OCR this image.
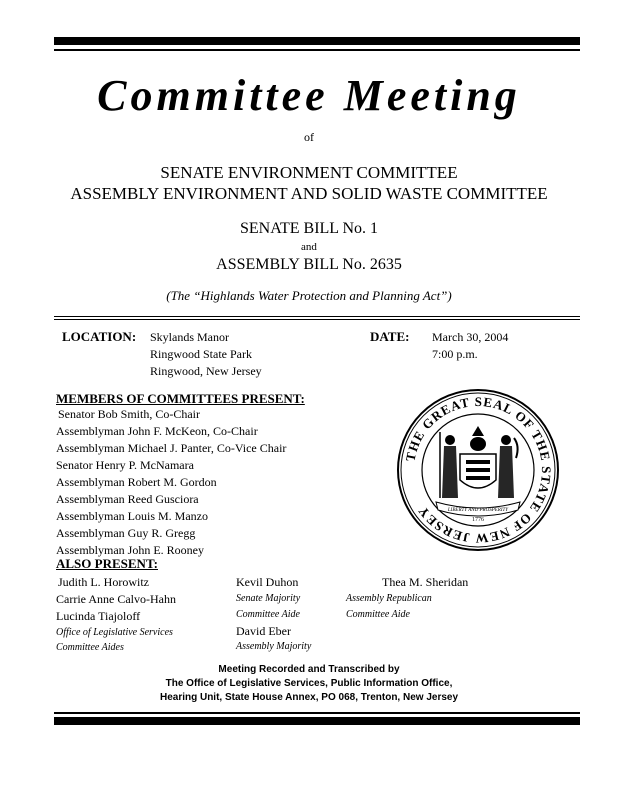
Committee Meeting
of
SENATE ENVIRONMENT COMMITTEE
ASSEMBLY ENVIRONMENT AND SOLID WASTE COMMITTEE
SENATE BILL No. 1
and
ASSEMBLY BILL No. 2635
(The “Highlands Water Protection and Planning Act”)
LOCATION: Skylands Manor
Ringwood State Park
Ringwood, New Jersey
DATE: March 30, 2004
7:00 p.m.
MEMBERS OF COMMITTEES PRESENT:
Senator Bob Smith, Co-Chair
Assemblyman John F. McKeon, Co-Chair
Assemblyman Michael J. Panter, Co-Vice Chair
Senator Henry P. McNamara
Assemblyman Robert M. Gordon
Assemblyman Reed Gusciora
Assemblyman Louis M. Manzo
Assemblyman Guy R. Gregg
Assemblyman John E. Rooney
THE GREAT SEAL OF THE STATE OF NEW JERSEY	LIBERTY AND PROSPERITY
1776
ALSO PRESENT:
Judith L. Horowitz
Carrie Anne Calvo-Hahn
Lucinda Tiajoloff
Office of Legislative Services
Committee Aides
Kevil Duhon
Senate Majority
Committee Aide
David Eber
Assembly Majority
Thea M. Sheridan
Assembly Republican
Committee Aide
Meeting Recorded and Transcribed by
The Office of Legislative Services, Public Information Office,
Hearing Unit, State House Annex, PO 068, Trenton, New Jersey
